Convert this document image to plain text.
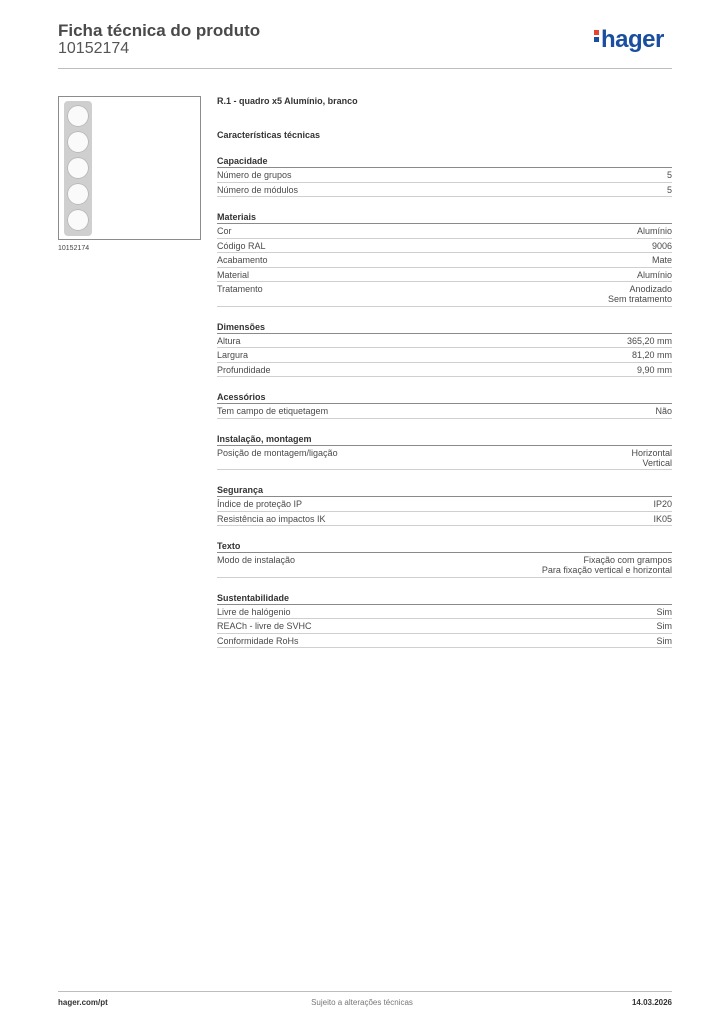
Ficha técnica do produto
10152174	hager
10152174
R.1 - quadro x5 Alumínio, branco
Características técnicas
Capacidade
Número de grupos	5
Número de módulos	5
Materiais
Cor	Alumínio
Código RAL	9006
Acabamento	Mate
Material	Alumínio
Tratamento	Anodizado
Sem tratamento
Dimensões
Altura	365,20 mm
Largura	81,20 mm
Profundidade	9,90 mm
Acessórios
Tem campo de etiquetagem	Não
Instalação, montagem
Posição de montagem/ligação	Horizontal
Vertical
Segurança
Índice de proteção IP	IP20
Resistência ao impactos IK	IK05
Texto
Modo de instalação	Fixação com grampos
Para fixação vertical e horizontal
Sustentabilidade
Livre de halógenio	Sim
REACh - livre de SVHC	Sim
Conformidade RoHs	Sim
hager.com/pt	Sujeito a alterações técnicas	14.03.2026
